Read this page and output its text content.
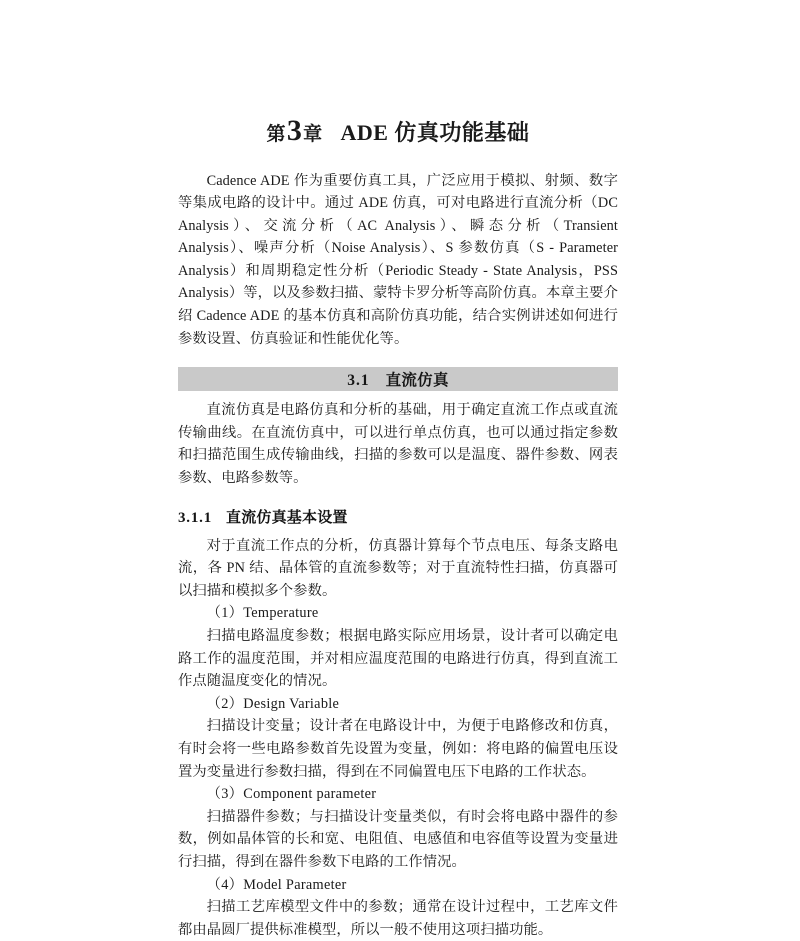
第3章 ADE 仿真功能基础

Cadence ADE 作为重要仿真工具，广泛应用于模拟、射频、数字等集成电路的设计中。通过 ADE 仿真，可对电路进行直流分析（DC Analysis）、交流分析（AC Analysis）、瞬态分析（Transient Analysis）、噪声分析（Noise Analysis）、S 参数仿真（S - Parameter Analysis）和周期稳定性分析（Periodic Steady - State Analysis，PSS Analysis）等，以及参数扫描、蒙特卡罗分析等高阶仿真。本章主要介绍 Cadence ADE 的基本仿真和高阶仿真功能，结合实例讲述如何进行参数设置、仿真验证和性能优化等。

3.1 直流仿真

直流仿真是电路仿真和分析的基础，用于确定直流工作点或直流传输曲线。在直流仿真中，可以进行单点仿真，也可以通过指定参数和扫描范围生成传输曲线，扫描的参数可以是温度、器件参数、网表参数、电路参数等。

3.1.1 直流仿真基本设置

对于直流工作点的分析，仿真器计算每个节点电压、每条支路电流，各 PN 结、晶体管的直流参数等；对于直流特性扫描，仿真器可以扫描和模拟多个参数。

（1）Temperature

扫描电路温度参数；根据电路实际应用场景，设计者可以确定电路工作的温度范围，并对相应温度范围的电路进行仿真，得到直流工作点随温度变化的情况。

（2）Design Variable

扫描设计变量；设计者在电路设计中，为便于电路修改和仿真，有时会将一些电路参数首先设置为变量，例如：将电路的偏置电压设置为变量进行参数扫描，得到在不同偏置电压下电路的工作状态。

（3）Component parameter

扫描器件参数；与扫描设计变量类似，有时会将电路中器件的参数，例如晶体管的长和宽、电阻值、电感值和电容值等设置为变量进行扫描，得到在器件参数下电路的工作情况。

（4）Model Parameter

扫描工艺库模型文件中的参数；通常在设计过程中，工艺库文件都由晶圆厂提供标准模型，所以一般不使用这项扫描功能。
